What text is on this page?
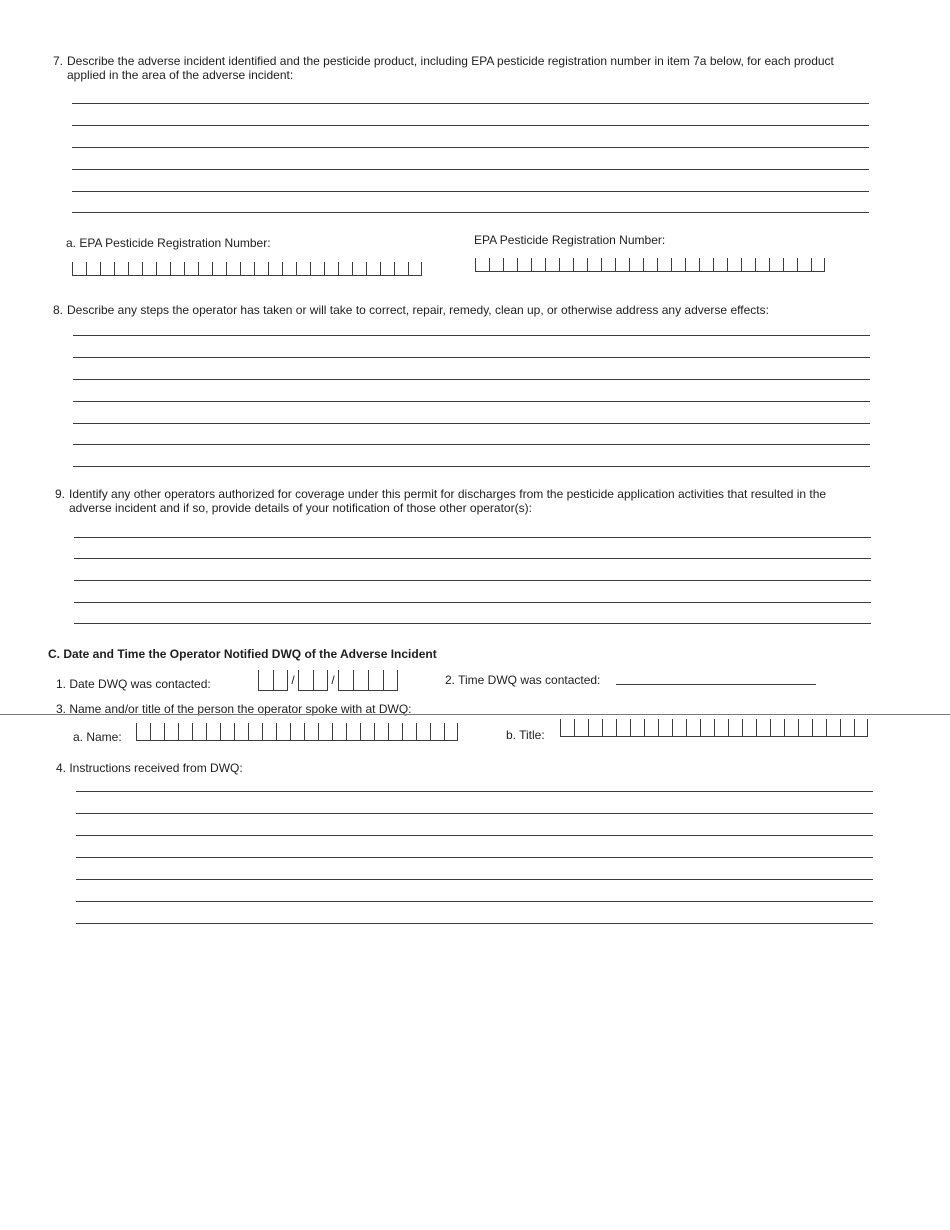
7. Describe the adverse incident identified and the pesticide product, including EPA pesticide registration number in item 7a below, for each product applied in the area of the adverse incident:
a. EPA Pesticide Registration Number:	EPA Pesticide Registration Number:
8. Describe any steps the operator has taken or will take to correct, repair, remedy, clean up, or otherwise address any adverse effects:
9. Identify any other operators authorized for coverage under this permit for discharges from the pesticide application activities that resulted in the adverse incident and if so, provide details of your notification of those other operator(s):
C. Date and Time the Operator Notified DWQ of the Adverse Incident
1. Date DWQ was contacted:	/	/	2. Time DWQ was contacted:
3. Name and/or title of the person the operator spoke with at DWQ:
a. Name:	b. Title:
4. Instructions received from DWQ:
